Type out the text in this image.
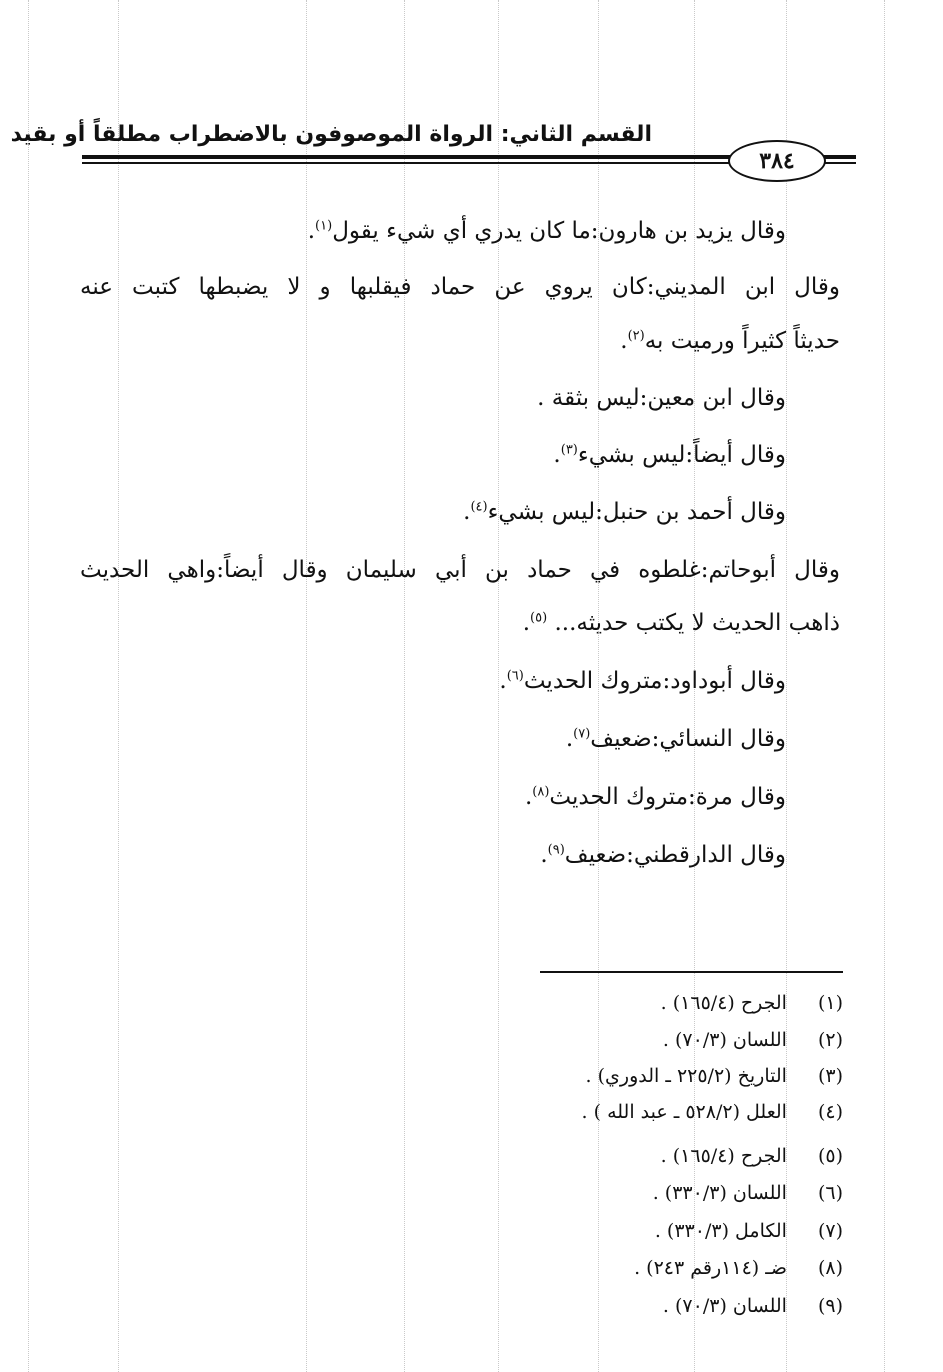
القسم الثاني: الرواة الموصوفون بالاضطراب مطلقاً أو بقيد
٣٨٤
وقال يزيد بن هارون:ما كان يدري أي شيء يقول$^{(١)}$.
وقال ابن المديني:كان يروي عن حماد فيقلبها و لا يضبطها كتبت عنه
حديثاً كثيراً ورميت به$^{(٢)}$.
وقال ابن معين:ليس بثقة .
وقال أيضاً:ليس بشيء$^{(٣)}$.
وقال أحمد بن حنبل:ليس بشيء$^{(٤)}$.
وقال أبوحاتم:غلطوه في حماد بن أبي سليمان وقال أيضاً:واهي الحديث
ذاهب الحديث لا يكتب حديثه... $^{(٥)}$.
وقال أبوداود:متروك الحديث$^{(٦)}$.
وقال النسائي:ضعيف$^{(٧)}$.
وقال مرة:متروك الحديث$^{(٨)}$.
وقال الدارقطني:ضعيف$^{(٩)}$.
(١) الجرح (١٦٥/٤) .
(٢) اللسان (٧٠/٣) .
(٣) التاريخ (٢٢٥/٢ ـ الدوري) .
(٤) العلل (٥٢٨/٢ ـ عبد الله ) .
(٥) الجرح (١٦٥/٤) .
(٦) اللسان (٣٣٠/٣) .
(٧) الكامل (٣٣٠/٣) .
(٨) ضـ (١١٤رقم ٢٤٣) .
(٩) اللسان (٧٠/٣) .
